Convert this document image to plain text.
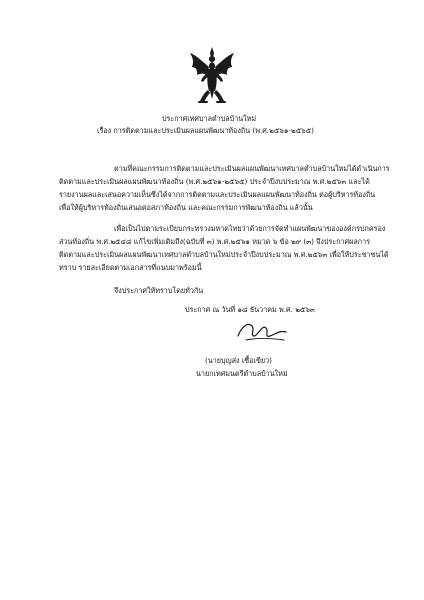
ประกาศเทศบาลตำบลบ้านใหม่
เรื่อง การติดตามและประเมินผลแผนพัฒนาท้องถิ่น (พ.ศ.๒๕๖๑-๒๕๖๕)
ตามที่คณะกรรมการติดตามและประเมินผลแผนพัฒนาเทศบาลตำบลบ้านใหม่ได้ดำเนินการ
ติดตามและประเมินผลแผนพัฒนาท้องถิ่น (พ.ศ.๒๕๖๑-๒๕๖๕) ประจำปีงบประมาณ พ.ศ.๒๕๖๓ และได้
รายงานผลและเสนอความเห็นซึ่งได้จากการติดตามและประเมินผลแผนพัฒนาท้องถิ่น ต่อผู้บริหารท้องถิ่น
เพื่อให้ผู้บริหารท้องถิ่นเสนอต่อสภาท้องถิ่น และคณะกรรมการพัฒนาท้องถิ่น แล้วนั้น
เพื่อเป็นไปตามระเบียบกระทรวงมหาดไทยว่าด้วยการจัดทำแผนพัฒนาขององค์กรปกครอง
ส่วนท้องถิ่น พ.ศ.๒๕๔๘ แก้ไขเพิ่มเติมถึง(ฉบับที่ ๓) พ.ศ.๒๕๖๑ หมวด ๖ ข้อ ๒๙ (๓) จึงประกาศผลการ
ติดตามและประเมินผลแผนพัฒนาเทศบาลตำบลบ้านใหม่ประจำปีงบประมาณ พ.ศ.๒๕๖๓ เพื่อให้ประชาชนได้
ทราบ รายละเอียดตามเอกสารที่แนบมาพร้อมนี้
จึงประกาศให้ทราบโดยทั่วกัน
ประกาศ ณ วันที่ ๑๘ ธันวาคม พ.ศ. ๒๕๖๓
(นายบุญส่ง เชื้อเขียว)
นายกเทศมนตรีตำบลบ้านใหม่
